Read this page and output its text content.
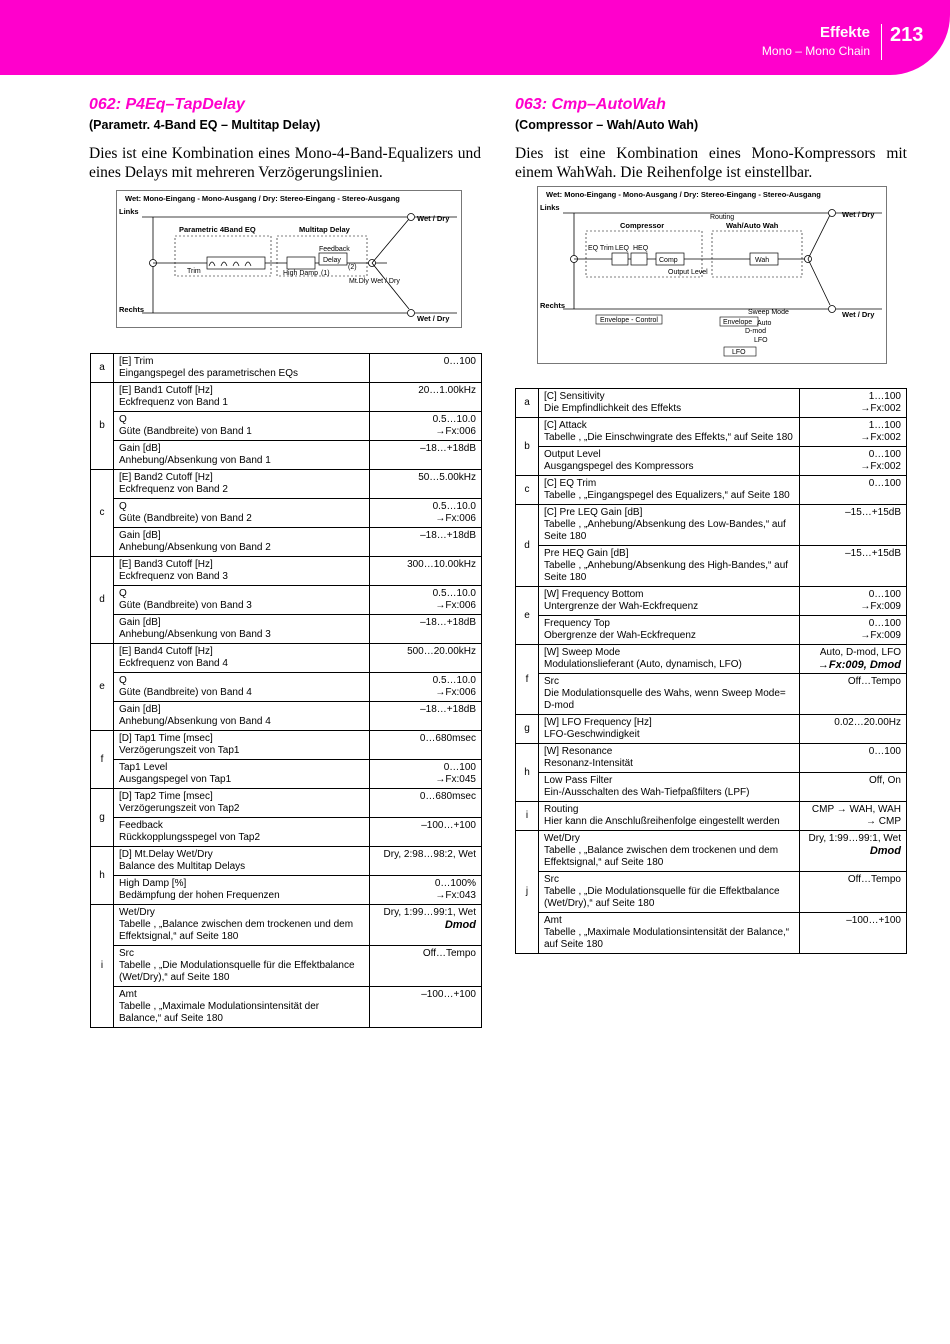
Effekte
Mono – Mono Chain
213
062: P4Eq–TapDelay
(Parametr. 4-Band EQ – Multitap Delay)
Dies ist eine Kombination eines Mono-4-Band-Equalizers und eines Delays mit mehreren Verzögerungslinien.
Wet: Mono-Eingang - Mono-Ausgang / Dry: Stereo-Eingang - Stereo-Ausgang
Links
Rechts
Parametric 4Band EQ	Multitap Delay
Trim
Delay
Feedback
High Damp (1)
(2)
Mt.Dly Wet / Dry
Wet / Dry
Wet / Dry
a	[E] Trim
Eingangspegel des parametrischen EQs	0…100

b	[E] Band1 Cutoff [Hz]
Eckfrequenz von Band 1	20…1.00kHz

	Q
Güte (Bandbreite) von Band 1	0.5…10.0
→Fx:006

	Gain [dB]
Anhebung/Absenkung von Band 1	–18…+18dB

c	[E] Band2 Cutoff [Hz]
Eckfrequenz von Band 2	50…5.00kHz

	Q
Güte (Bandbreite) von Band 2	0.5…10.0
→Fx:006

	Gain [dB]
Anhebung/Absenkung von Band 2	–18…+18dB

d	[E] Band3 Cutoff [Hz]
Eckfrequenz von Band 3	300…10.00kHz

	Q
Güte (Bandbreite) von Band 3	0.5…10.0
→Fx:006

	Gain [dB]
Anhebung/Absenkung von Band 3	–18…+18dB

e	[E] Band4 Cutoff [Hz]
Eckfrequenz von Band 4	500…20.00kHz

	Q
Güte (Bandbreite) von Band 4	0.5…10.0
→Fx:006

	Gain [dB]
Anhebung/Absenkung von Band 4	–18…+18dB

f	[D] Tap1 Time [msec]
Verzögerungszeit von Tap1	0…680msec

	Tap1 Level
Ausgangspegel von Tap1	0…100
→Fx:045

g	[D] Tap2 Time [msec]
Verzögerungszeit von Tap2	0…680msec

	Feedback
Rückkopplungsspegel von Tap2	–100…+100

h	[D] Mt.Delay Wet/Dry
Balance des Multitap Delays	Dry, 2:98…98:2, Wet

	High Damp [%]
Bedämpfung der hohen Frequenzen	0…100%
→Fx:043

i	Wet/Dry
Tabelle , „Balance zwischen dem trockenen und dem Effektsignal,“ auf Seite 180	Dry, 1:99…99:1, Wet
Dmod

	Src
Tabelle , „Die Modulationsquelle für die Effektbalance (Wet/Dry),“ auf Seite 180	Off…Tempo

	Amt
Tabelle , „Maximale Modulationsintensität der Balance,“ auf Seite 180	–100…+100
063: Cmp–AutoWah
(Compressor – Wah/Auto Wah)
Dies ist eine Kombination eines Mono-Kompressors mit einem WahWah. Die Reihenfolge ist einstellbar.
Wet: Mono-Eingang - Mono-Ausgang / Dry: Stereo-Eingang - Stereo-Ausgang
Links
Rechts
Compressor
Routing
Wah/Auto Wah
EQ Trim LEQ HEQ
Comp
Output Level
Wah
Envelope - Control
Sweep Mode
Envelope Auto
D-mod
LFO
LFO
Wet / Dry
Wet / Dry
a	[C] Sensitivity
Die Empfindlichkeit des Effekts	1…100
→Fx:002

b	[C] Attack
Tabelle , „Die Einschwingrate des Effekts,“ auf Seite 180	1…100
→Fx:002

	Output Level
Ausgangspegel des Kompressors	0…100
→Fx:002

c	[C] EQ Trim
Tabelle , „Eingangspegel des Equalizers,“ auf Seite 180	0…100

d	[C] Pre LEQ Gain [dB]
Tabelle , „Anhebung/Absenkung des Low-Bandes,“ auf Seite 180	–15…+15dB

	Pre HEQ Gain [dB]
Tabelle , „Anhebung/Absenkung des High-Bandes,“ auf Seite 180	–15…+15dB

e	[W] Frequency Bottom
Untergrenze der Wah-Eckfrequenz	0…100
→Fx:009

	Frequency Top
Obergrenze der Wah-Eckfrequenz	0…100
→Fx:009

f	[W] Sweep Mode
Modulationslieferant (Auto, dynamisch, LFO)	Auto, D-mod, LFO
→Fx:009, Dmod

	Src
Die Modulationsquelle des Wahs, wenn Sweep Mode= D-mod	Off…Tempo

g	[W] LFO Frequency [Hz]
LFO-Geschwindigkeit	0.02…20.00Hz

h	[W] Resonance
Resonanz-Intensität	0…100

	Low Pass Filter
Ein-/Ausschalten des Wah-Tiefpaßfilters (LPF)	Off, On

i	Routing
Hier kann die Anschlußreihenfolge eingestellt werden	CMP → WAH, WAH → CMP

j	Wet/Dry
Tabelle , „Balance zwischen dem trockenen und dem Effektsignal,“ auf Seite 180	Dry, 1:99…99:1, Wet
Dmod

	Src
Tabelle , „Die Modulationsquelle für die Effektbalance (Wet/Dry),“ auf Seite 180	Off…Tempo

	Amt
Tabelle , „Maximale Modulationsintensität der Balance,“ auf Seite 180	–100…+100
